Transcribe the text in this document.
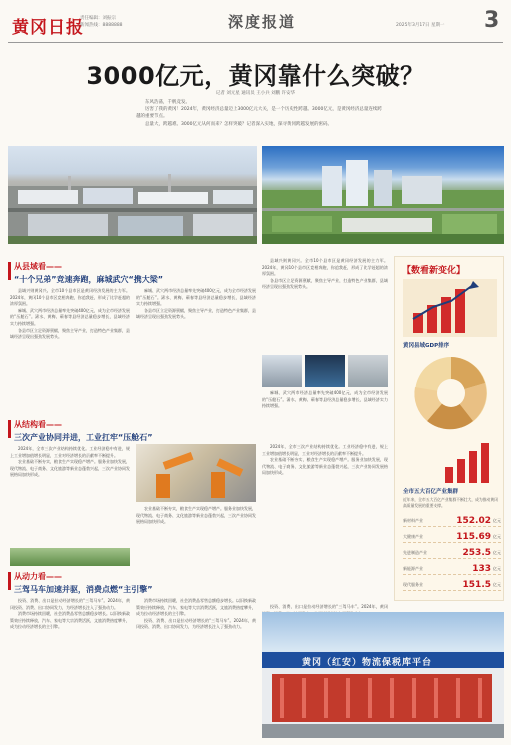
黄冈日报
责任编辑：刘振宗
新闻热线：8888888	深度报道	2025年3月17日 星期一 3
3000亿元，黄冈靠什么突破？
记者 刘元星 通讯员 王小兵 刘鹏 许安华

东风浩荡，千帆竞发。

厉害了我的黄冈！2024年，黄冈经济总量迈上3000亿元大关，是一个历史性跨越。3000亿元，是黄冈经济总量连续跨越的重要节点。

总量大，跨越难。3000亿元从何而来？怎样突破？记者深入实地，探寻黄冈跨越发展的密码。

从县域看——
“十个兄弟”竞速奔跑，麻城武穴“携大梁”

县域兴则黄冈兴。全市10个县市区是黄冈经济发展的主力军。2024年，黄冈10个县市区竞相奔跑，你追我赶，形成了比学赶超的浓厚氛围。

麻城、武穴两市经济总量率先突破400亿元，成为全市经济发展的“压舱石”。浠水、黄梅、蕲春等县经济总量稳步增长，县域经济实力持续增强。

各县市区立足资源禀赋，聚焦主导产业，打造特色产业集群，县域经济呈现出强劲发展势头。

麻城、武穴两市经济总量率先突破400亿元，成为全市经济发展的“压舱石”。浠水、黄梅、蕲春等县经济总量稳步增长，县域经济实力持续增强。

各县市区立足资源禀赋，聚焦主导产业，打造特色产业集群，县域经济呈现出强劲发展势头。

县域兴则黄冈兴。全市10个县市区是黄冈经济发展的主力军。2024年，黄冈10个县市区竞相奔跑，你追我赶，形成了比学赶超的浓厚氛围。

各县市区立足资源禀赋，聚焦主导产业，打造特色产业集群，县域经济呈现出强劲发展势头。

麻城、武穴两市经济总量率先突破400亿元，成为全市经济发展的“压舱石”。浠水、黄梅、蕲春等县经济总量稳步增长，县域经济实力持续增强。

从结构看——
三次产业协同并进，工业扛牢“压舱石”

2024年，全市三次产业结构持续优化。工业经济稳中有进，规上工业增加值增长明显，工业对经济增长的贡献率不断提升。

农业基础不断夯实，粮食生产实现稳产增产。服务业加快发展，现代物流、电子商务、文化旅游等新业态蓬勃兴起，三次产业协同发展格局加快形成。

农业基础不断夯实，粮食生产实现稳产增产。服务业加快发展，现代物流、电子商务、文化旅游等新业态蓬勃兴起，三次产业协同发展格局加快形成。

2024年，全市三次产业结构持续优化。工业经济稳中有进，规上工业增加值增长明显，工业对经济增长的贡献率不断提升。

农业基础不断夯实，粮食生产实现稳产增产。服务业加快发展，现代物流、电子商务、文化旅游等新业态蓬勃兴起，三次产业协同发展格局加快形成。

从动力看——
三驾马车加速并驱，消费点燃“主引擎”

投资、消费、出口是拉动经济增长的“三驾马车”。2024年，黄冈投资、消费、出口协同发力，为经济增长注入了强劲动力。

消费市场持续回暖，社会消费品零售总额稳步增长。以旧换新政策效应持续释放，汽车、家电等大宗消费活跃，文旅消费热度攀升，成为拉动经济增长的主引擎。

消费市场持续回暖，社会消费品零售总额稳步增长。以旧换新政策效应持续释放，汽车、家电等大宗消费活跃，文旅消费热度攀升，成为拉动经济增长的主引擎。

投资、消费、出口是拉动经济增长的“三驾马车”。2024年，黄冈投资、消费、出口协同发力，为经济增长注入了强劲动力。

投资、消费、出口是拉动经济增长的“三驾马车”。2024年，黄冈

黄冈（红安）物流保税库平台
【数看新变化】
黄冈县域GDP排序
全市五大百亿产业集群
近年来，全市五大百亿产业集群不断壮大，成为推动黄冈高质量发展的重要支撑。
新材料产业	152.02 亿元
大健康产业	115.69 亿元
先进制造产业	253.5 亿元
新能源产业	133 亿元
现代服务业	151.5 亿元
